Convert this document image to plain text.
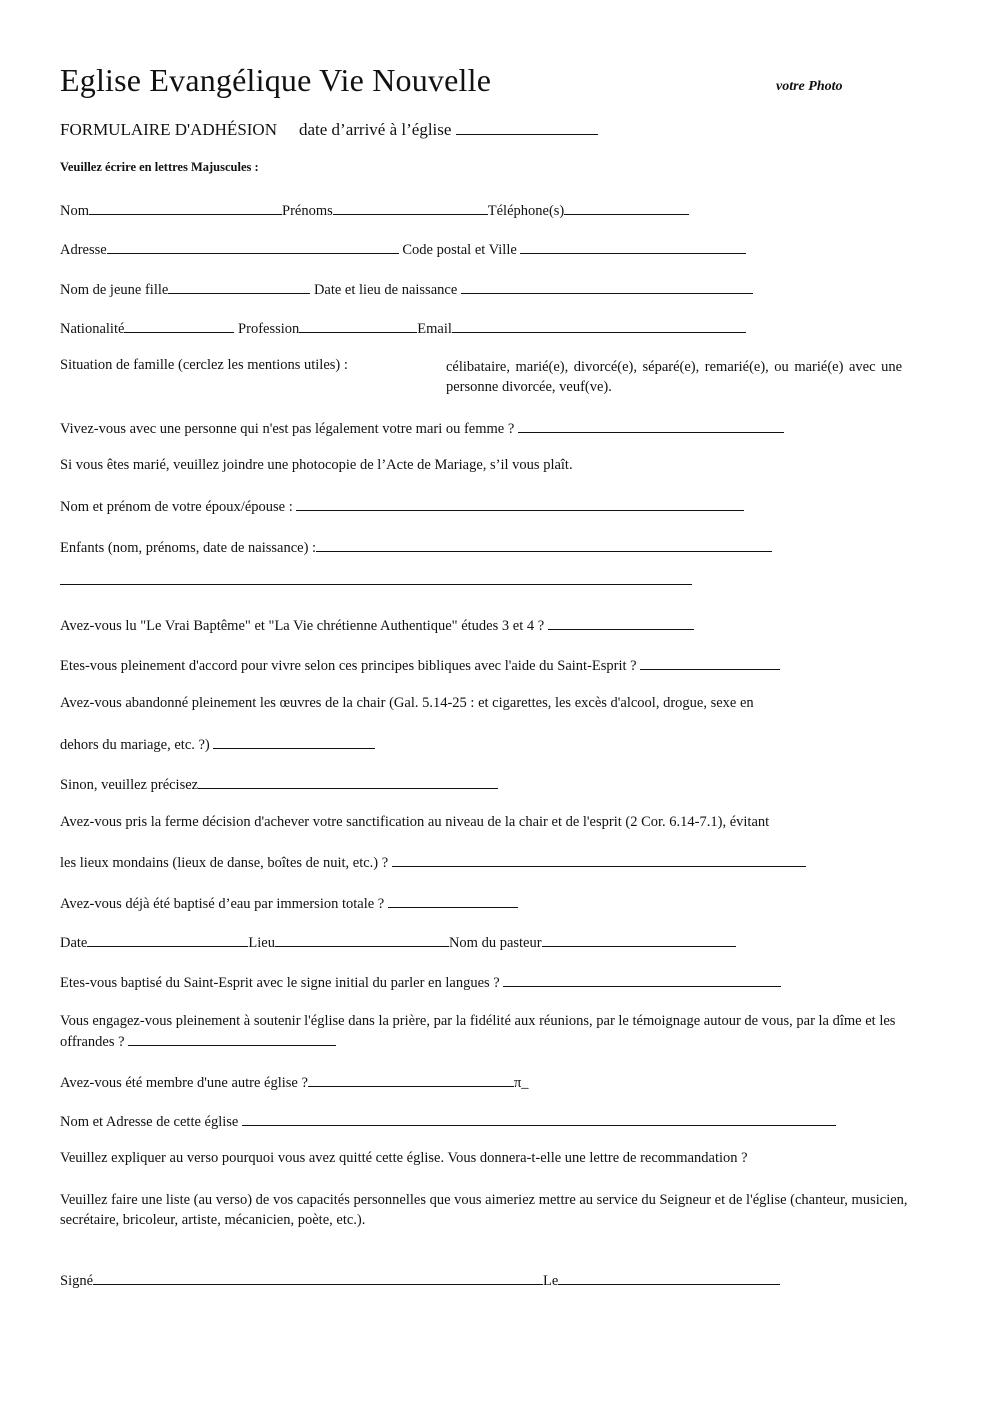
Eglise Evangélique Vie Nouvelle	votre Photo
FORMULAIRE D'ADHÉSION date d’arrivé à l’église
Veuillez écrire en lettres Majuscules :
Nom	Prénoms	Téléphone(s)
Adresse	Code postal et Ville
Nom de jeune fille	Date et lieu de naissance
Nationalité	Profession	Email
Situation de famille (cerclez les mentions utiles) :	célibataire, marié(e), divorcé(e), séparé(e), remarié(e), ou marié(e) avec une personne divorcée, veuf(ve).
Vivez-vous avec une personne qui n'est pas légalement votre mari ou femme ?
Si vous êtes marié, veuillez joindre une photocopie de l’Acte de Mariage, s’il vous plaît.
Nom et prénom de votre époux/épouse :
Enfants (nom, prénoms, date de naissance) :
Avez-vous lu "Le Vrai Baptême" et "La Vie chrétienne Authentique" études 3 et 4 ?
Etes-vous pleinement d'accord pour vivre selon ces principes bibliques avec l'aide du Saint-Esprit ?
Avez-vous abandonné pleinement les œuvres de la chair (Gal. 5.14-25 : et cigarettes, les excès d'alcool, drogue, sexe en
dehors du mariage, etc. ?)
Sinon, veuillez précisez
Avez-vous pris la ferme décision d'achever votre sanctification au niveau de la chair et de l'esprit (2 Cor. 6.14-7.1), évitant
les lieux mondains (lieux de danse, boîtes de nuit, etc.) ?
Avez-vous déjà été baptisé d’eau par immersion totale ?
Date	Lieu	Nom du pasteur
Etes-vous baptisé du Saint-Esprit avec le signe initial du parler en langues ?
Vous engagez-vous pleinement à soutenir l'église dans la prière, par la fidélité aux réunions, par le témoignage autour de vous, par la dîme et les offrandes ?
Avez-vous été membre d'une autre église ?	π_
Nom et Adresse de cette église
Veuillez expliquer au verso pourquoi vous avez quitté cette église. Vous donnera-t-elle une lettre de recommandation ?
Veuillez faire une liste (au verso) de vos capacités personnelles que vous aimeriez mettre au service du Seigneur et de l'église (chanteur, musicien, secrétaire, bricoleur, artiste, mécanicien, poète, etc.).
Signé	Le
